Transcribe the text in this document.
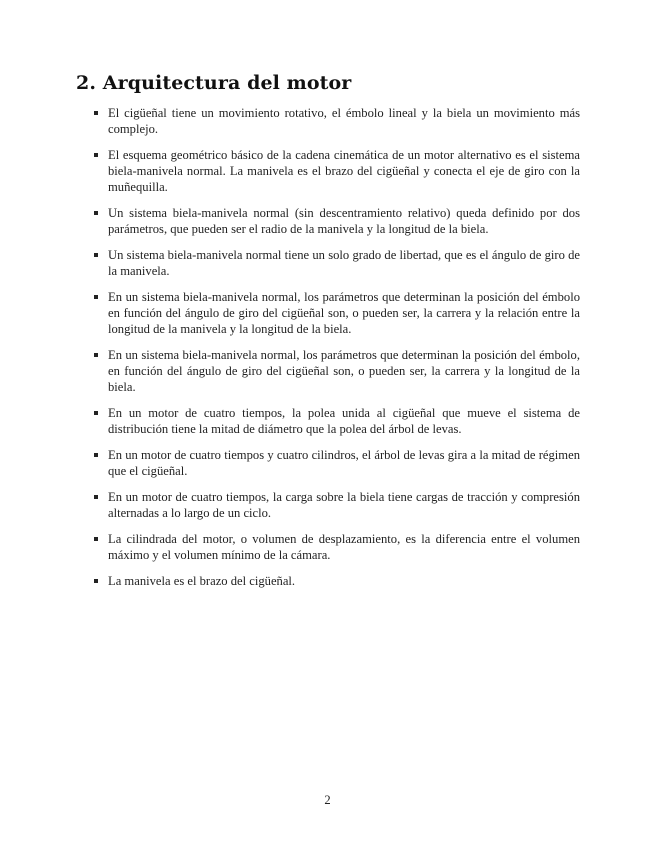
2. Arquitectura del motor
El cigüeñal tiene un movimiento rotativo, el émbolo lineal y la biela un movimiento más complejo.
El esquema geométrico básico de la cadena cinemática de un motor alternativo es el sistema biela-manivela normal. La manivela es el brazo del cigüeñal y conecta el eje de giro con la muñequilla.
Un sistema biela-manivela normal (sin descentramiento relativo) queda definido por dos parámetros, que pueden ser el radio de la manivela y la longitud de la biela.
Un sistema biela-manivela normal tiene un solo grado de libertad, que es el ángulo de giro de la manivela.
En un sistema biela-manivela normal, los parámetros que determinan la posición del émbolo en función del ángulo de giro del cigüeñal son, o pueden ser, la carrera y la relación entre la longitud de la manivela y la longitud de la biela.
En un sistema biela-manivela normal, los parámetros que determinan la posición del émbolo, en función del ángulo de giro del cigüeñal son, o pueden ser, la carrera y la longitud de la biela.
En un motor de cuatro tiempos, la polea unida al cigüeñal que mueve el sistema de distribución tiene la mitad de diámetro que la polea del árbol de levas.
En un motor de cuatro tiempos y cuatro cilindros, el árbol de levas gira a la mitad de régimen que el cigüeñal.
En un motor de cuatro tiempos, la carga sobre la biela tiene cargas de tracción y compresión alternadas a lo largo de un ciclo.
La cilindrada del motor, o volumen de desplazamiento, es la diferencia entre el volumen máximo y el volumen mínimo de la cámara.
La manivela es el brazo del cigüeñal.
2
